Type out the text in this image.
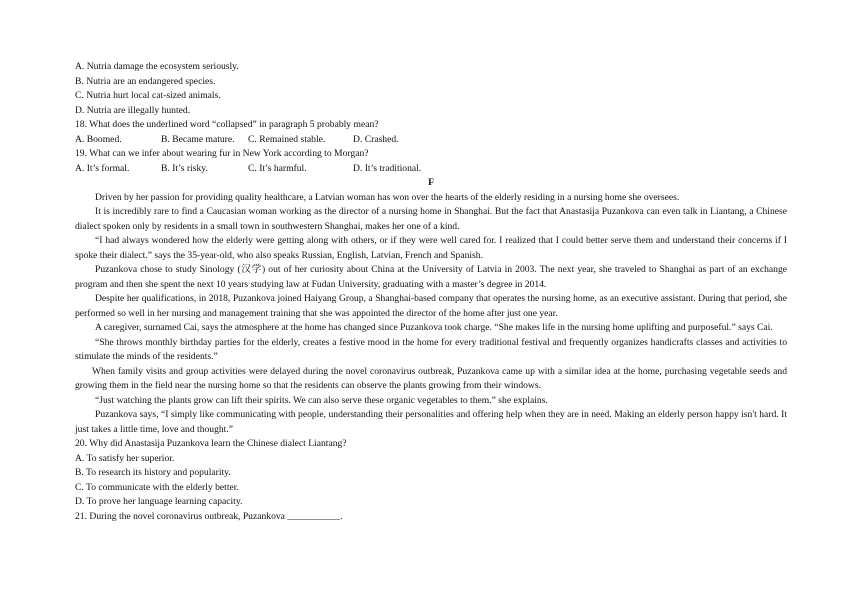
A. Nutria damage the ecosystem seriously.
B. Nutria are an endangered species.
C. Nutria hurt local cat-sized animals.
D. Nutria are illegally hunted.
18. What does the underlined word “collapsed” in paragraph 5 probably mean?
A. Boomed.	B. Became mature.	C. Remained stable.	D. Crashed.
19. What can we infer about wearing fur in New York according to Morgan?
A. It’s formal.	B. It’s risky.	C. It’s harmful.	D. It’s traditional.
F

Driven by her passion for providing quality healthcare, a Latvian woman has won over the hearts of the elderly residing in a nursing home she oversees.

It is incredibly rare to find a Caucasian woman working as the director of a nursing home in Shanghai. But the fact that Anastasija Puzankova can even talk in Liantang, a Chinese dialect spoken only by residents in a small town in southwestern Shanghai, makes her one of a kind.

“I had always wondered how the elderly were getting along with others, or if they were well cared for. I realized that I could better serve them and understand their concerns if I spoke their dialect.” says the 35-year-old, who also speaks Russian, English, Latvian, French and Spanish.

Puzankova chose to study Sinology (汉学) out of her curiosity about China at the University of Latvia in 2003. The next year, she traveled to Shanghai as part of an exchange program and then she spent the next 10 years studying law at Fudan University, graduating with a master’s degree in 2014.

Despite her qualifications, in 2018, Puzankova joined Haiyang Group, a Shanghai-based company that operates the nursing home, as an executive assistant. During that period, she performed so well in her nursing and management training that she was appointed the director of the home after just one year.

A caregiver, surnamed Cai, says the atmosphere at the home has changed since Puzankova took charge. “She makes life in the nursing home uplifting and purposeful.” says Cai.

“She throws monthly birthday parties for the elderly, creates a festive mood in the home for every traditional festival and frequently organizes handicrafts classes and activities to stimulate the minds of the residents.”

When family visits and group activities were delayed during the novel coronavirus outbreak, Puzankova came up with a similar idea at the home, purchasing vegetable seeds and growing them in the field near the nursing home so that the residents can observe the plants growing from their windows.

“Just watching the plants grow can lift their spirits. We can also serve these organic vegetables to them.” she explains.

Puzankova says, “I simply like communicating with people, understanding their personalities and offering help when they are in need. Making an elderly person happy isn't hard. It just takes a little time, love and thought.”

20. Why did Anastasija Puzankova learn the Chinese dialect Liantang?
A. To satisfy her superior.
B. To research its history and popularity.
C. To communicate with the elderly better.
D. To prove her language learning capacity.
21. During the novel coronavirus outbreak, Puzankova ___________.
